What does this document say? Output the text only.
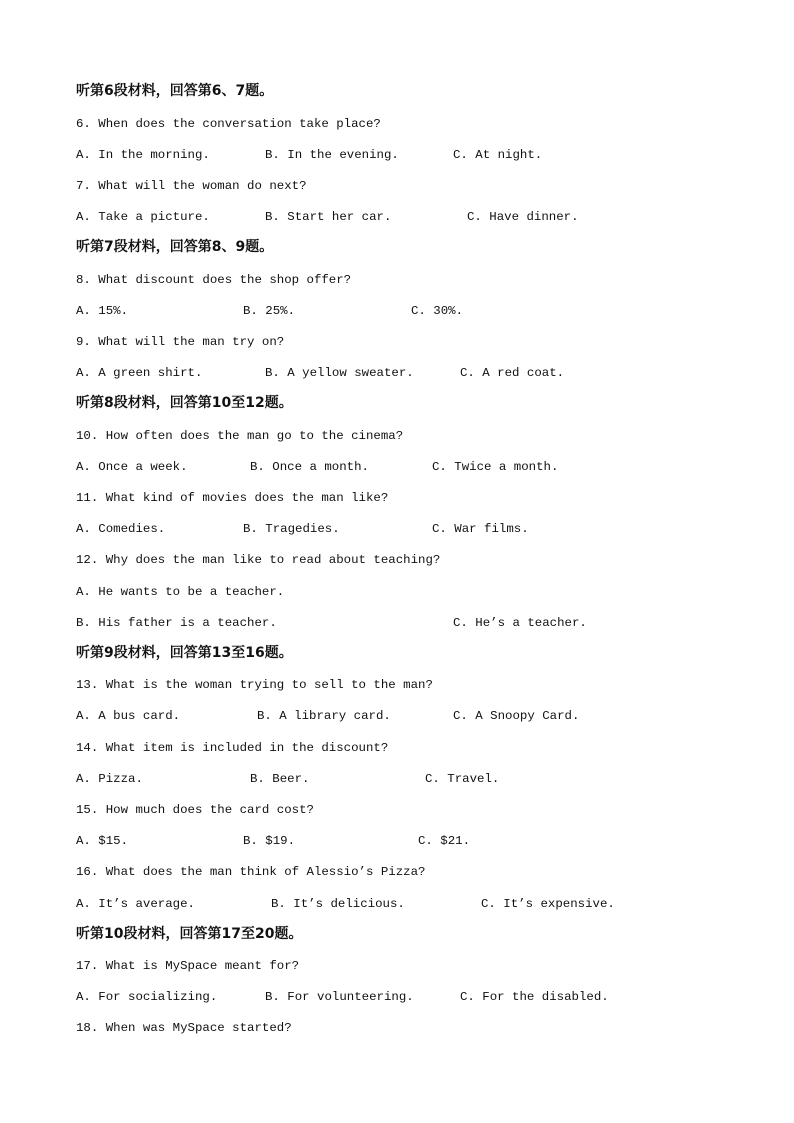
听第6段材料，回答第6、7题。
6. When does the conversation take place?
A. In the morning.	B. In the evening.	C. At night.
7. What will the woman do next?
A. Take a picture.	B. Start her car.	C. Have dinner.
听第7段材料，回答第8、9题。
8. What discount does the shop offer?
A. 15%.	B. 25%.	C. 30%.
9. What will the man try on?
A. A green shirt.	B. A yellow sweater.	C. A red coat.
听第8段材料，回答第10至12题。
10. How often does the man go to the cinema?
A. Once a week.	B. Once a month.	C. Twice a month.
11. What kind of movies does the man like?
A. Comedies.	B. Tragedies.	C. War films.
12. Why does the man like to read about teaching?
A. He wants to be a teacher.
B. His father is a teacher.	C. He’s a teacher.
听第9段材料，回答第13至16题。
13. What is the woman trying to sell to the man?
A. A bus card.	B. A library card.	C. A Snoopy Card.
14. What item is included in the discount?
A. Pizza.	B. Beer.	C. Travel.
15. How much does the card cost?
A. $15.	B. $19.	C. $21.
16. What does the man think of Alessio’s Pizza?
A. It’s average.	B. It’s delicious.	C. It’s expensive.
听第10段材料，回答第17至20题。
17. What is MySpace meant for?
A. For socializing.	B. For volunteering.	C. For the disabled.
18. When was MySpace started?
